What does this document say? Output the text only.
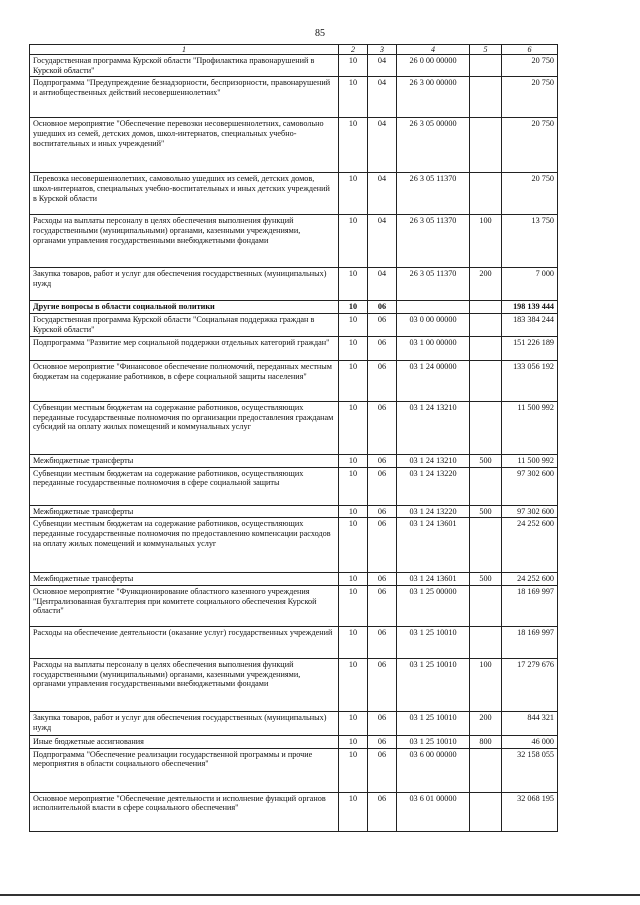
85
1	2	3	4	5	6
Государственная программа Курской области "Профилактика правонарушений в Курской области"	10	04	26 0 00 00000		20 750
Подпрограмма "Предупреждение безнадзорности, беспризорности, правонарушений и антиобщественных действий несовершеннолетних"	10	04	26 3 00 00000		20 750
Основное мероприятие "Обеспечение перевозки несовершеннолетних, самовольно ушедших из семей, детских домов, школ-интернатов, специальных учебно-воспитательных и иных учреждений"	10	04	26 3 05 00000		20 750
Перевозка несовершеннолетних, самовольно ушедших из семей, детских домов, школ-интернатов, специальных учебно-воспитательных и иных детских учреждений в Курской области	10	04	26 3 05 11370		20 750
Расходы на выплаты персоналу в целях обеспечения выполнения функций государственными (муниципальными) органами, казенными учреждениями, органами управления государственными внебюджетными фондами	10	04	26 3 05 11370	100	13 750
Закупка товаров, работ и услуг для обеспечения государственных (муниципальных) нужд	10	04	26 3 05 11370	200	7 000
Другие вопросы в области социальной политики	10	06			198 139 444
Государственная программа Курской области "Социальная поддержка граждан в Курской области"	10	06	03 0 00 00000		183 384 244
Подпрограмма "Развитие мер социальной поддержки отдельных категорий граждан"	10	06	03 1 00 00000		151 226 189
Основное мероприятие "Финансовое обеспечение полномочий, переданных местным бюджетам на содержание работников, в сфере социальной защиты населения"	10	06	03 1 24 00000		133 056 192
Субвенции местным бюджетам на содержание работников, осуществляющих переданные государственные полномочия по организации предоставления гражданам субсидий на оплату жилых помещений и коммунальных услуг	10	06	03 1 24 13210		11 500 992
Межбюджетные трансферты	10	06	03 1 24 13210	500	11 500 992
Субвенции местным бюджетам на содержание работников, осуществляющих переданные государственные полномочия в сфере социальной защиты	10	06	03 1 24 13220		97 302 600
Межбюджетные трансферты	10	06	03 1 24 13220	500	97 302 600
Субвенции местным бюджетам на содержание работников, осуществляющих переданные государственные полномочия по предоставлению компенсации расходов на оплату жилых помещений и коммунальных услуг	10	06	03 1 24 13601		24 252 600
Межбюджетные трансферты	10	06	03 1 24 13601	500	24 252 600
Основное мероприятие "Функционирование областного казенного учреждения "Централизованная бухгалтерия при комитете социального обеспечения Курской области"	10	06	03 1 25 00000		18 169 997
Расходы на обеспечение деятельности (оказание услуг) государственных учреждений	10	06	03 1 25 10010		18 169 997
Расходы на выплаты персоналу в целях обеспечения выполнения функций государственными (муниципальными) органами, казенными учреждениями, органами управления государственными внебюджетными фондами	10	06	03 1 25 10010	100	17 279 676
Закупка товаров, работ и услуг для обеспечения государственных (муниципальных) нужд	10	06	03 1 25 10010	200	844 321
Иные бюджетные ассигнования	10	06	03 1 25 10010	800	46 000
Подпрограмма "Обеспечение реализации государственной программы и прочие мероприятия в области социального обеспечения"	10	06	03 6 00 00000		32 158 055
Основное мероприятие "Обеспечение деятельности и исполнение функций органов исполнительной власти в сфере социального обеспечения"	10	06	03 6 01 00000		32 068 195
